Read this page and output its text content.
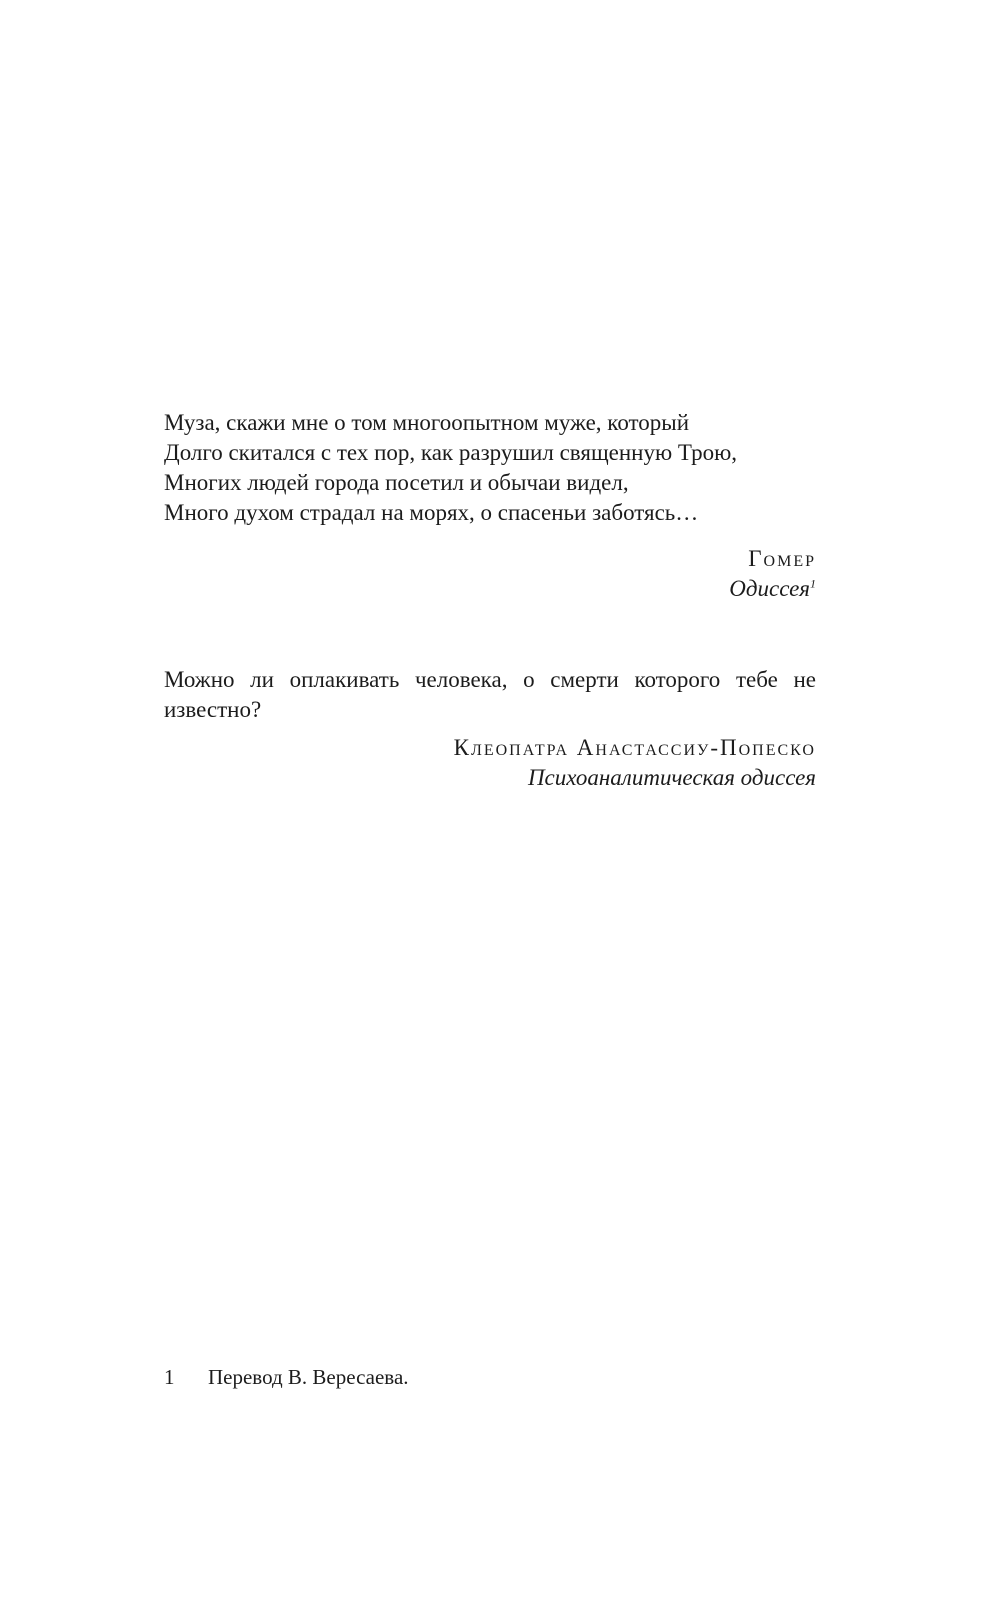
Муза, скажи мне о том многоопытном муже, который
Долго скитался с тех пор, как разрушил священную Трою,
Многих людей города посетил и обычаи видел,
Много духом страдал на морях, о спасеньи заботясь…
Гомер
Одиссея$^1$
Можно ли оплакивать человека, о смерти которого тебе не известно?
Клеопатра Анастассиу-Попеско
Психоаналитическая одиссея
1 Перевод В. Вересаева.
